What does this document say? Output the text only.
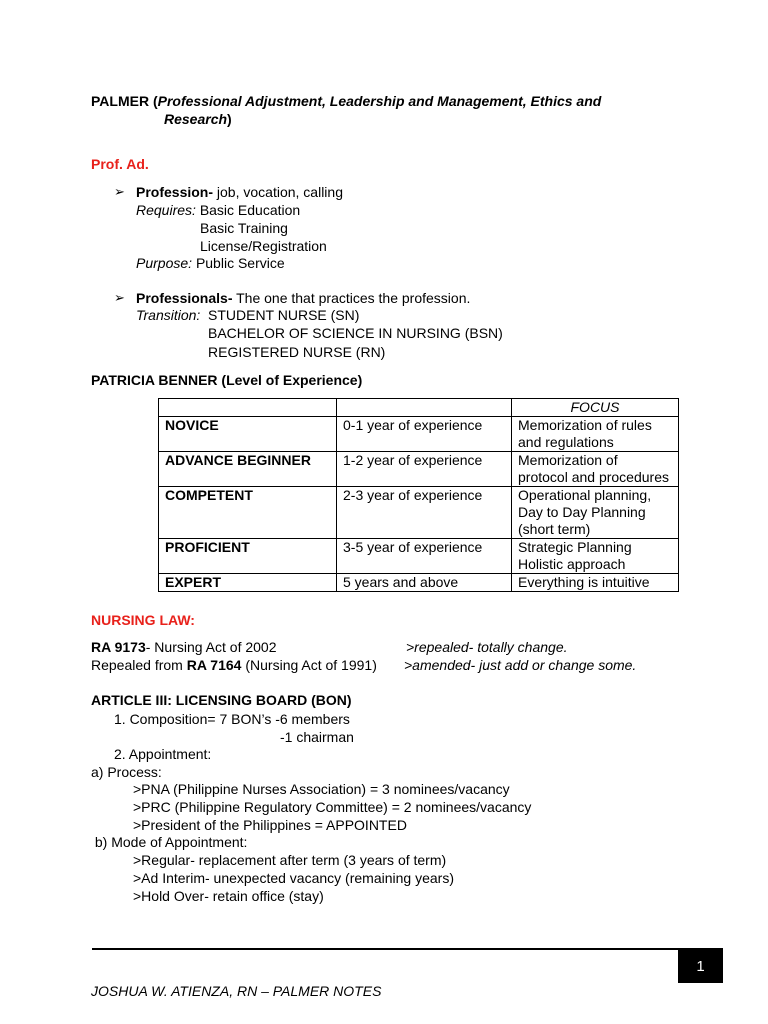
PALMER (Professional Adjustment, Leadership and Management, Ethics and
Research)
Prof. Ad.
➢ Profession- job, vocation, calling
Requires: Basic Education
Basic Training
License/Registration
Purpose: Public Service
➢ Professionals- The one that practices the profession.
Transition: STUDENT NURSE (SN)
BACHELOR OF SCIENCE IN NURSING (BSN)
REGISTERED NURSE (RN)
PATRICIA BENNER (Level of Experience)
		FOCUS
NOVICE	0-1 year of experience	Memorization of rules
and regulations

ADVANCE BEGINNER	1-2 year of experience	Memorization of
protocol and procedures

COMPETENT	2-3 year of experience	Operational planning,
Day to Day Planning
(short term)

PROFICIENT	3-5 year of experience	Strategic Planning
Holistic approach

EXPERT	5 years and above	Everything is intuitive
NURSING LAW:
RA 9173- Nursing Act of 2002
Repealed from RA 7164 (Nursing Act of 1991)
>repealed- totally change.
>amended- just add or change some.
ARTICLE III: LICENSING BOARD (BON)
1. Composition= 7 BON’s -6 members
-1 chairman
2. Appointment:
a) Process:
>PNA (Philippine Nurses Association) = 3 nominees/vacancy
>PRC (Philippine Regulatory Committee) = 2 nominees/vacancy
>President of the Philippines = APPOINTED
b) Mode of Appointment:
>Regular- replacement after term (3 years of term)
>Ad Interim- unexpected vacancy (remaining years)
>Hold Over- retain office (stay)
1
JOSHUA W. ATIENZA, RN – PALMER NOTES
